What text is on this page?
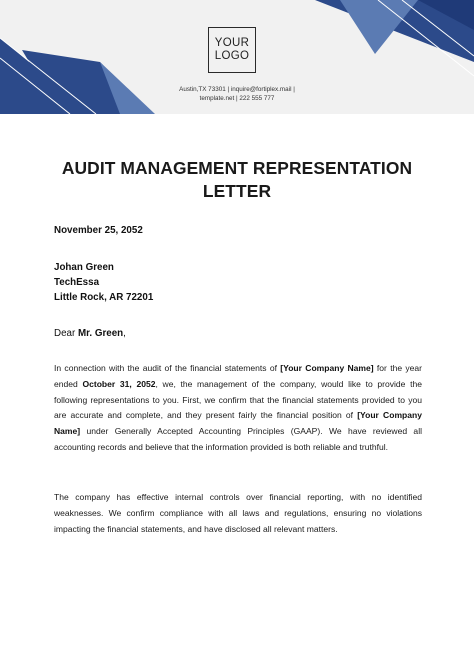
YOUR
LOGO
Austin,TX 73301 | inquire@fortiplex.mail |
template.net | 222 555 777
AUDIT MANAGEMENT REPRESENTATION LETTER
November 25, 2052
Johan Green
TechEssa
Little Rock, AR 72201
Dear Mr. Green,

In connection with the audit of the financial statements of [Your Company Name] for the year ended October 31, 2052, we, the management of the company, would like to provide the following representations to you. First, we confirm that the financial statements provided to you are accurate and complete, and they present fairly the financial position of [Your Company Name] under Generally Accepted Accounting Principles (GAAP). We have reviewed all accounting records and believe that the information provided is both reliable and truthful.

The company has effective internal controls over financial reporting, with no identified weaknesses. We confirm compliance with all laws and regulations, ensuring no violations impacting the financial statements, and have disclosed all relevant matters.
